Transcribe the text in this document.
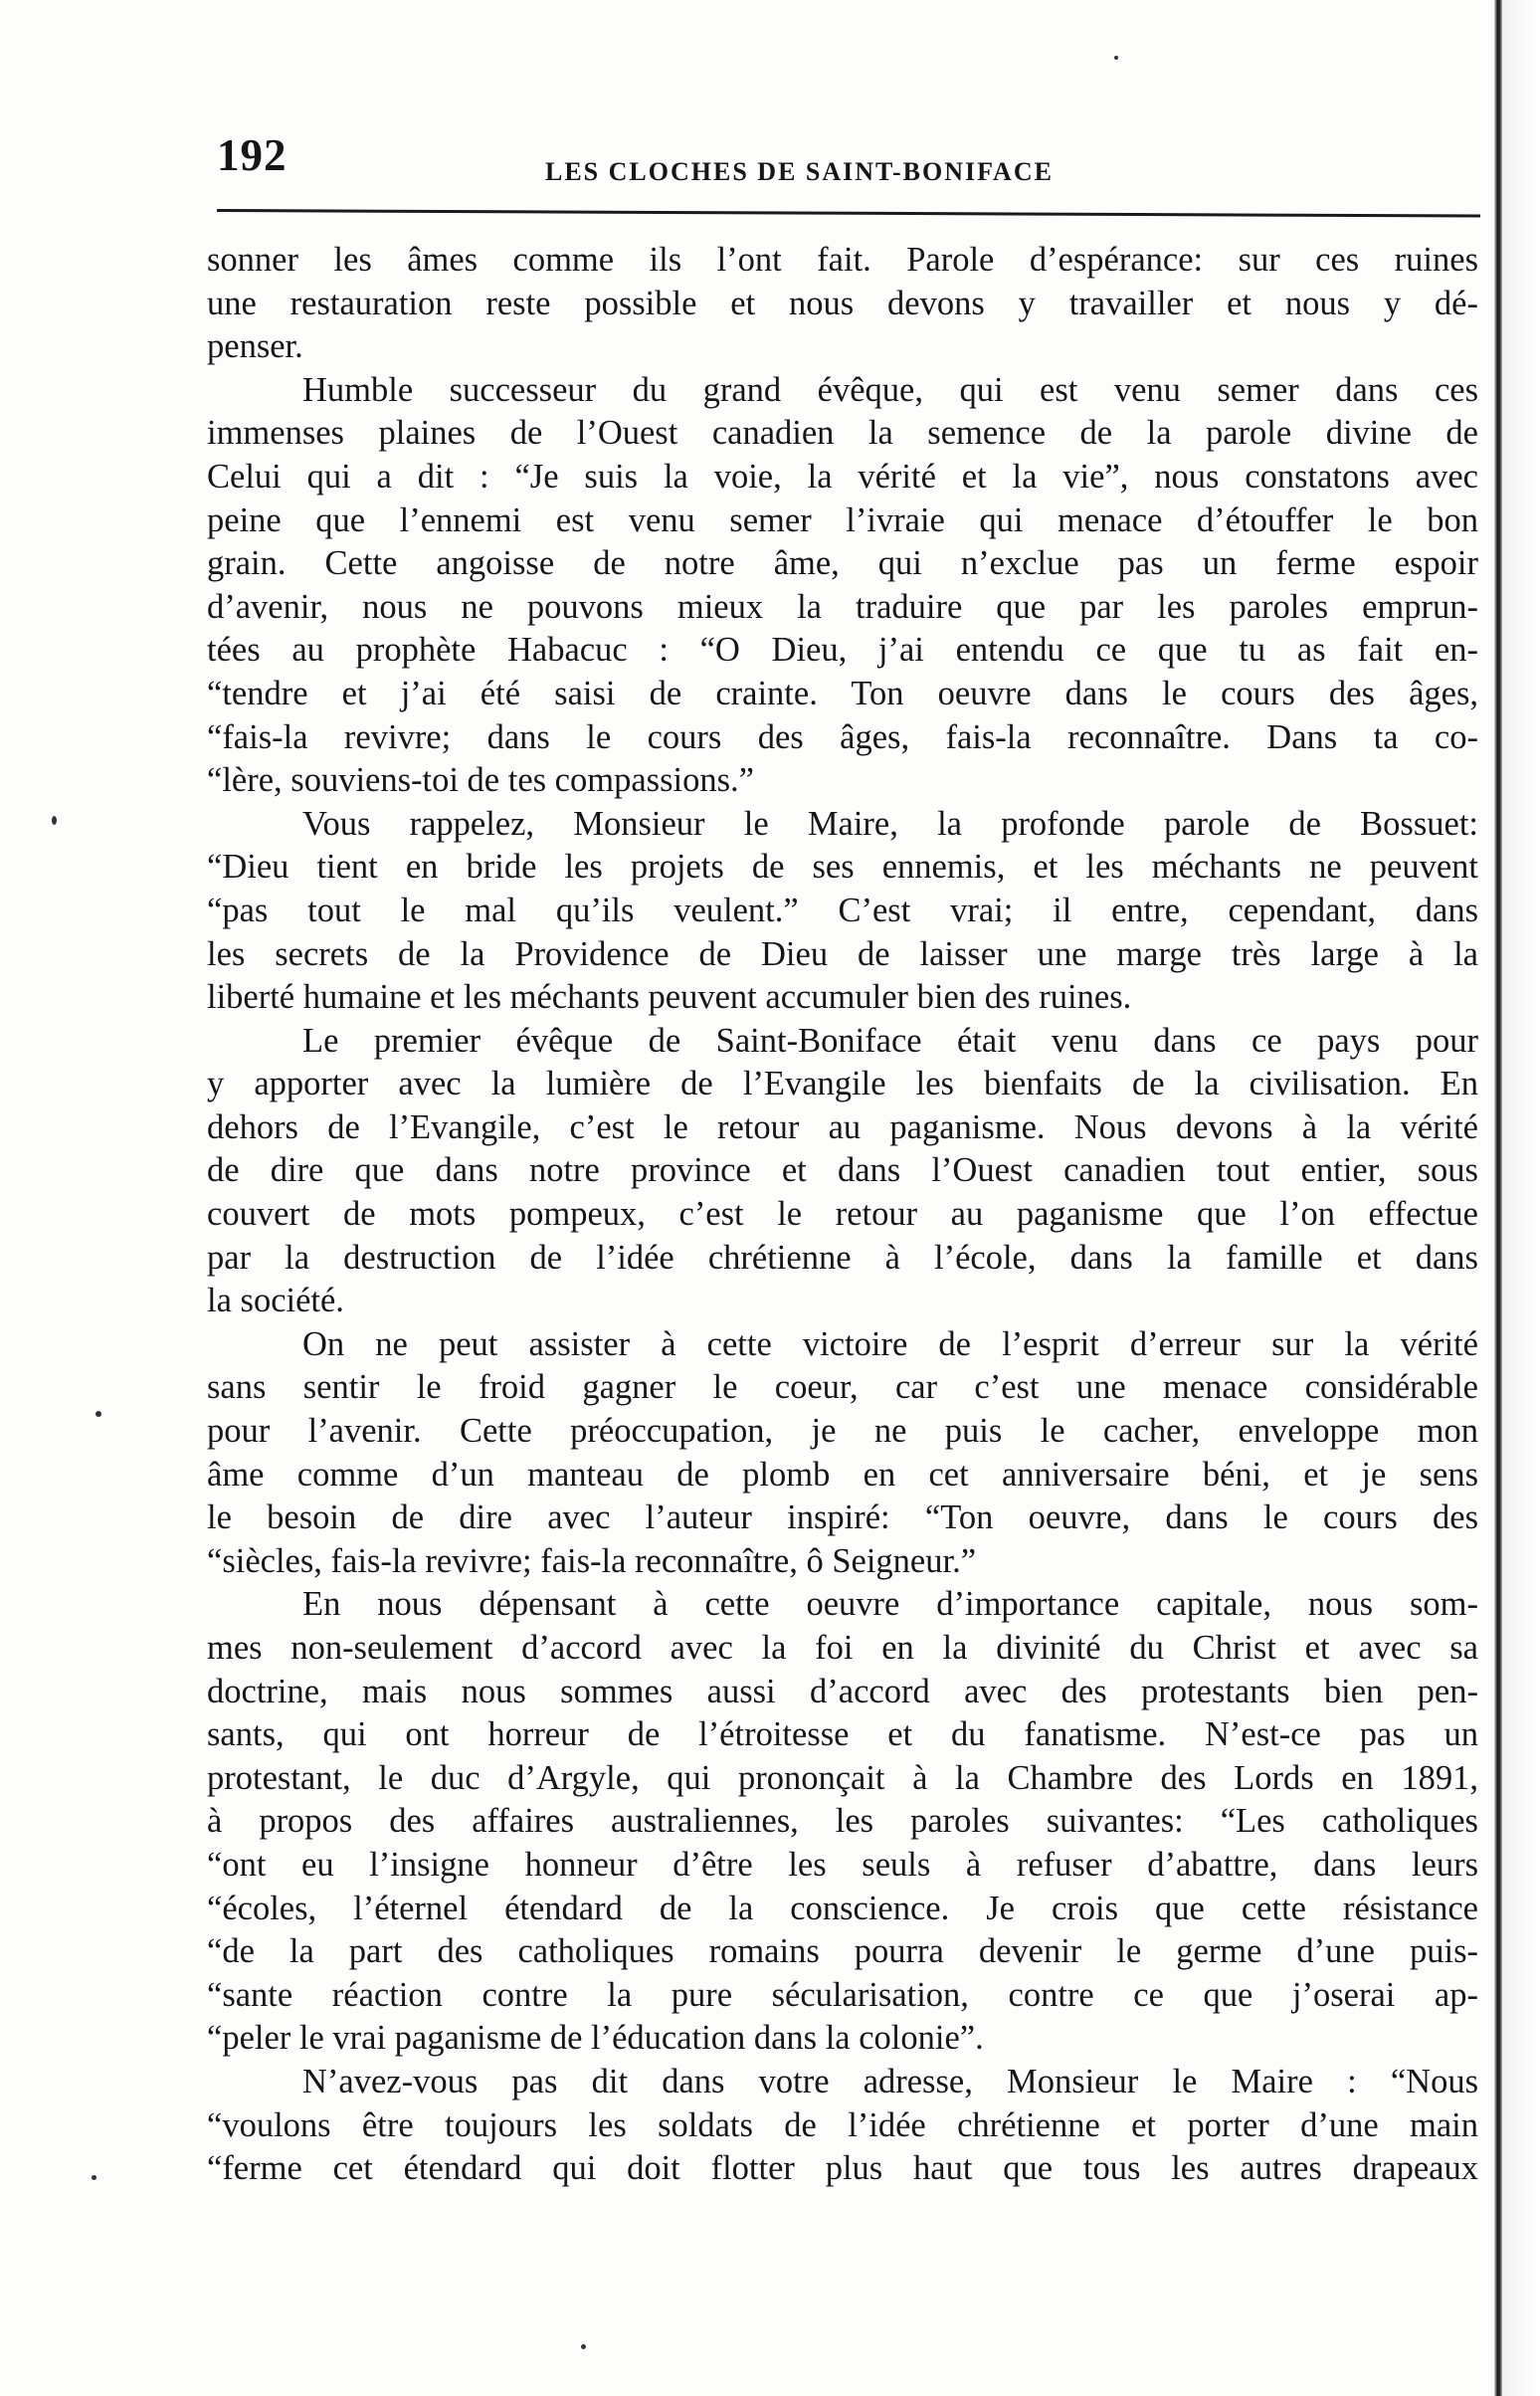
192	LES CLOCHES DE SAINT-BONIFACE
sonner les âmes comme ils l’ont fait. Parole d’espérance: sur ces ruines
une restauration reste possible et nous devons y travailler et nous y dé-
penser.
Humble successeur du grand évêque, qui est venu semer dans ces
immenses plaines de l’Ouest canadien la semence de la parole divine de
Celui qui a dit : “Je suis la voie, la vérité et la vie”, nous constatons avec
peine que l’ennemi est venu semer l’ivraie qui menace d’étouffer le bon
grain. Cette angoisse de notre âme, qui n’exclue pas un ferme espoir
d’avenir, nous ne pouvons mieux la traduire que par les paroles emprun-
tées au prophète Habacuc : “O Dieu, j’ai entendu ce que tu as fait en-
“tendre et j’ai été saisi de crainte. Ton oeuvre dans le cours des âges,
“fais-la revivre; dans le cours des âges, fais-la reconnaître. Dans ta co-
“lère, souviens-toi de tes compassions.”
Vous rappelez, Monsieur le Maire, la profonde parole de Bossuet:
“Dieu tient en bride les projets de ses ennemis, et les méchants ne peuvent
“pas tout le mal qu’ils veulent.” C’est vrai; il entre, cependant, dans
les secrets de la Providence de Dieu de laisser une marge très large à la
liberté humaine et les méchants peuvent accumuler bien des ruines.
Le premier évêque de Saint-Boniface était venu dans ce pays pour
y apporter avec la lumière de l’Evangile les bienfaits de la civilisation. En
dehors de l’Evangile, c’est le retour au paganisme. Nous devons à la vérité
de dire que dans notre province et dans l’Ouest canadien tout entier, sous
couvert de mots pompeux, c’est le retour au paganisme que l’on effectue
par la destruction de l’idée chrétienne à l’école, dans la famille et dans
la société.
On ne peut assister à cette victoire de l’esprit d’erreur sur la vérité
sans sentir le froid gagner le coeur, car c’est une menace considérable
pour l’avenir. Cette préoccupation, je ne puis le cacher, enveloppe mon
âme comme d’un manteau de plomb en cet anniversaire béni, et je sens
le besoin de dire avec l’auteur inspiré: “Ton oeuvre, dans le cours des
“siècles, fais-la revivre; fais-la reconnaître, ô Seigneur.”
En nous dépensant à cette oeuvre d’importance capitale, nous som-
mes non-seulement d’accord avec la foi en la divinité du Christ et avec sa
doctrine, mais nous sommes aussi d’accord avec des protestants bien pen-
sants, qui ont horreur de l’étroitesse et du fanatisme. N’est-ce pas un
protestant, le duc d’Argyle, qui prononçait à la Chambre des Lords en 1891,
à propos des affaires australiennes, les paroles suivantes: “Les catholiques
“ont eu l’insigne honneur d’être les seuls à refuser d’abattre, dans leurs
“écoles, l’éternel étendard de la conscience. Je crois que cette résistance
“de la part des catholiques romains pourra devenir le germe d’une puis-
“sante réaction contre la pure sécularisation, contre ce que j’oserai ap-
“peler le vrai paganisme de l’éducation dans la colonie”.
N’avez-vous pas dit dans votre adresse, Monsieur le Maire : “Nous
“voulons être toujours les soldats de l’idée chrétienne et porter d’une main
“ferme cet étendard qui doit flotter plus haut que tous les autres drapeaux
